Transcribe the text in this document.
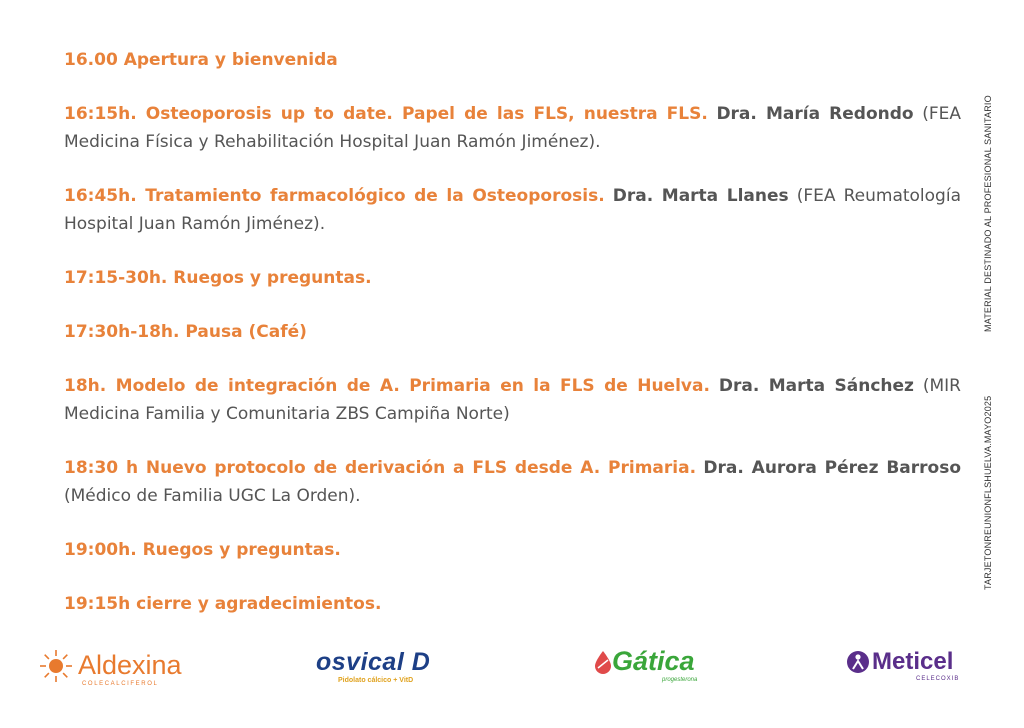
16.00 Apertura y bienvenida

16:15h. Osteoporosis up to date. Papel de las FLS, nuestra FLS. Dra. María Redondo (FEA Medicina Física y Rehabilitación Hospital Juan Ramón Jiménez).

16:45h. Tratamiento farmacológico de la Osteoporosis. Dra. Marta Llanes (FEA Reumatología Hospital Juan Ramón Jiménez).

17:15-30h. Ruegos y preguntas.

17:30h-18h. Pausa (Café)

18h. Modelo de integración de A. Primaria en la FLS de Huelva. Dra. Marta Sánchez (MIR Medicina Familia y Comunitaria ZBS Campiña Norte)

18:30 h Nuevo protocolo de derivación a FLS desde A. Primaria. Dra. Aurora Pérez Barroso (Médico de Familia UGC La Orden).

19:00h. Ruegos y preguntas.

19:15h cierre y agradecimientos.

MATERIAL DESTINADO AL PROFESIONAL SANITARIO
TARJETONREUNIONFLSHUELVA.MAYO2025
Aldexina
COLECALCIFEROL
osvical D
Pidolato cálcico + VitD
Gática
progesterona
Meticel
CELECOXIB
